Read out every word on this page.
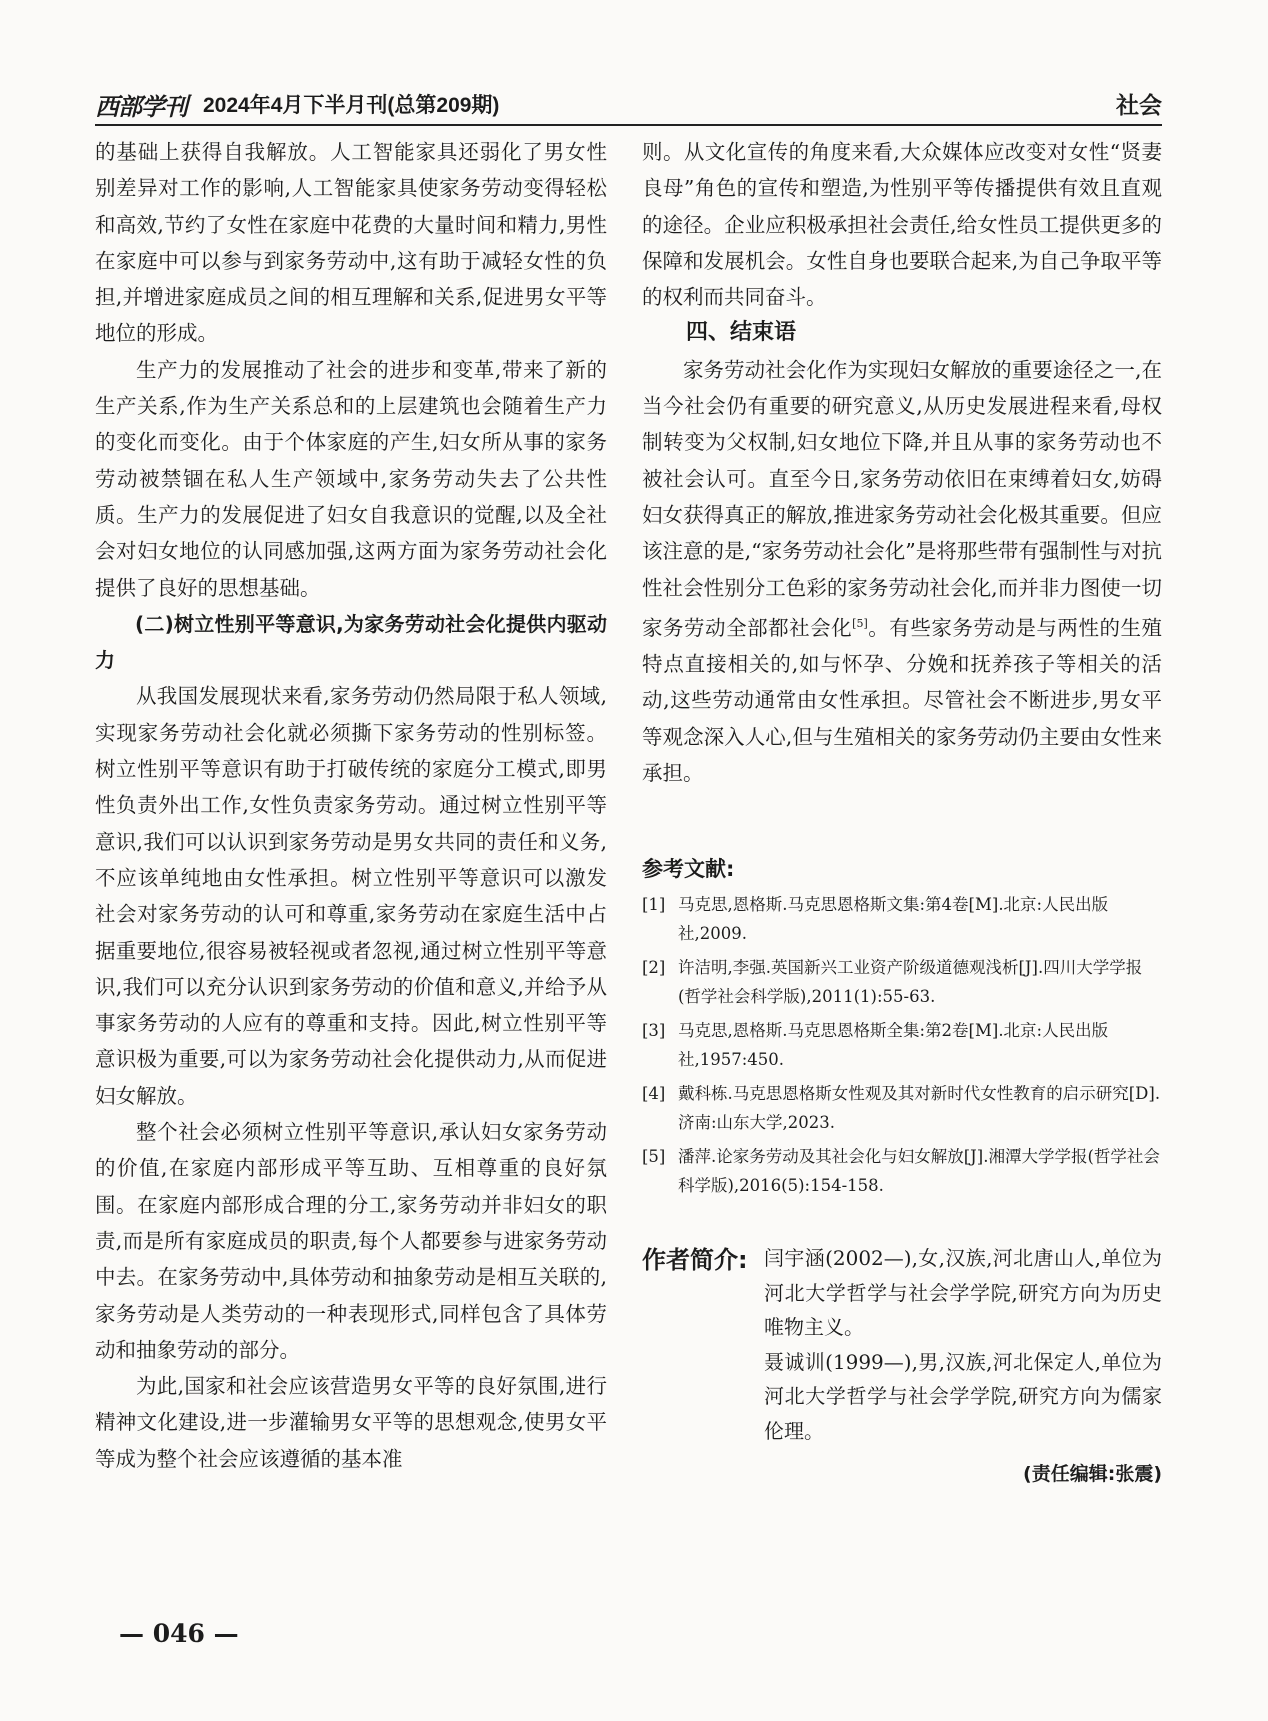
西部学刊 2024年4月下半月刊(总第209期)	社会

的基础上获得自我解放。人工智能家具还弱化了男女性别差异对工作的影响,人工智能家具使家务劳动变得轻松和高效,节约了女性在家庭中花费的大量时间和精力,男性在家庭中可以参与到家务劳动中,这有助于减轻女性的负担,并增进家庭成员之间的相互理解和关系,促进男女平等地位的形成。

生产力的发展推动了社会的进步和变革,带来了新的生产关系,作为生产关系总和的上层建筑也会随着生产力的变化而变化。由于个体家庭的产生,妇女所从事的家务劳动被禁锢在私人生产领域中,家务劳动失去了公共性质。生产力的发展促进了妇女自我意识的觉醒,以及全社会对妇女地位的认同感加强,这两方面为家务劳动社会化提供了良好的思想基础。

(二)树立性别平等意识,为家务劳动社会化提供内驱动力

从我国发展现状来看,家务劳动仍然局限于私人领域,实现家务劳动社会化就必须撕下家务劳动的性别标签。树立性别平等意识有助于打破传统的家庭分工模式,即男性负责外出工作,女性负责家务劳动。通过树立性别平等意识,我们可以认识到家务劳动是男女共同的责任和义务,不应该单纯地由女性承担。树立性别平等意识可以激发社会对家务劳动的认可和尊重,家务劳动在家庭生活中占据重要地位,很容易被轻视或者忽视,通过树立性别平等意识,我们可以充分认识到家务劳动的价值和意义,并给予从事家务劳动的人应有的尊重和支持。因此,树立性别平等意识极为重要,可以为家务劳动社会化提供动力,从而促进妇女解放。

整个社会必须树立性别平等意识,承认妇女家务劳动的价值,在家庭内部形成平等互助、互相尊重的良好氛围。在家庭内部形成合理的分工,家务劳动并非妇女的职责,而是所有家庭成员的职责,每个人都要参与进家务劳动中去。在家务劳动中,具体劳动和抽象劳动是相互关联的,家务劳动是人类劳动的一种表现形式,同样包含了具体劳动和抽象劳动的部分。

为此,国家和社会应该营造男女平等的良好氛围,进行精神文化建设,进一步灌输男女平等的思想观念,使男女平等成为整个社会应该遵循的基本准

则。从文化宣传的角度来看,大众媒体应改变对女性“贤妻良母”角色的宣传和塑造,为性别平等传播提供有效且直观的途径。企业应积极承担社会责任,给女性员工提供更多的保障和发展机会。女性自身也要联合起来,为自己争取平等的权利而共同奋斗。

四、结束语

家务劳动社会化作为实现妇女解放的重要途径之一,在当今社会仍有重要的研究意义,从历史发展进程来看,母权制转变为父权制,妇女地位下降,并且从事的家务劳动也不被社会认可。直至今日,家务劳动依旧在束缚着妇女,妨碍妇女获得真正的解放,推进家务劳动社会化极其重要。但应该注意的是,“家务劳动社会化”是将那些带有强制性与对抗性社会性别分工色彩的家务劳动社会化,而并非力图使一切家务劳动全部都社会化[5]。有些家务劳动是与两性的生殖特点直接相关的,如与怀孕、分娩和抚养孩子等相关的活动,这些劳动通常由女性承担。尽管社会不断进步,男女平等观念深入人心,但与生殖相关的家务劳动仍主要由女性来承担。

参考文献:
[1] 马克思,恩格斯.马克思恩格斯文集:第4卷[M].北京:人民出版社,2009.
[2] 许洁明,李强.英国新兴工业资产阶级道德观浅析[J].四川大学学报(哲学社会科学版),2011(1):55-63.
[3] 马克思,恩格斯.马克思恩格斯全集:第2卷[M].北京:人民出版社,1957:450.
[4] 戴科栋.马克思恩格斯女性观及其对新时代女性教育的启示研究[D].济南:山东大学,2023.
[5] 潘萍.论家务劳动及其社会化与妇女解放[J].湘潭大学学报(哲学社会科学版),2016(5):154-158.
作者简介: 闫宇涵(2002—),女,汉族,河北唐山人,单位为河北大学哲学与社会学学院,研究方向为历史唯物主义。

聂诚训(1999—),男,汉族,河北保定人,单位为河北大学哲学与社会学学院,研究方向为儒家伦理。

(责任编辑:张震)
— 046 —
